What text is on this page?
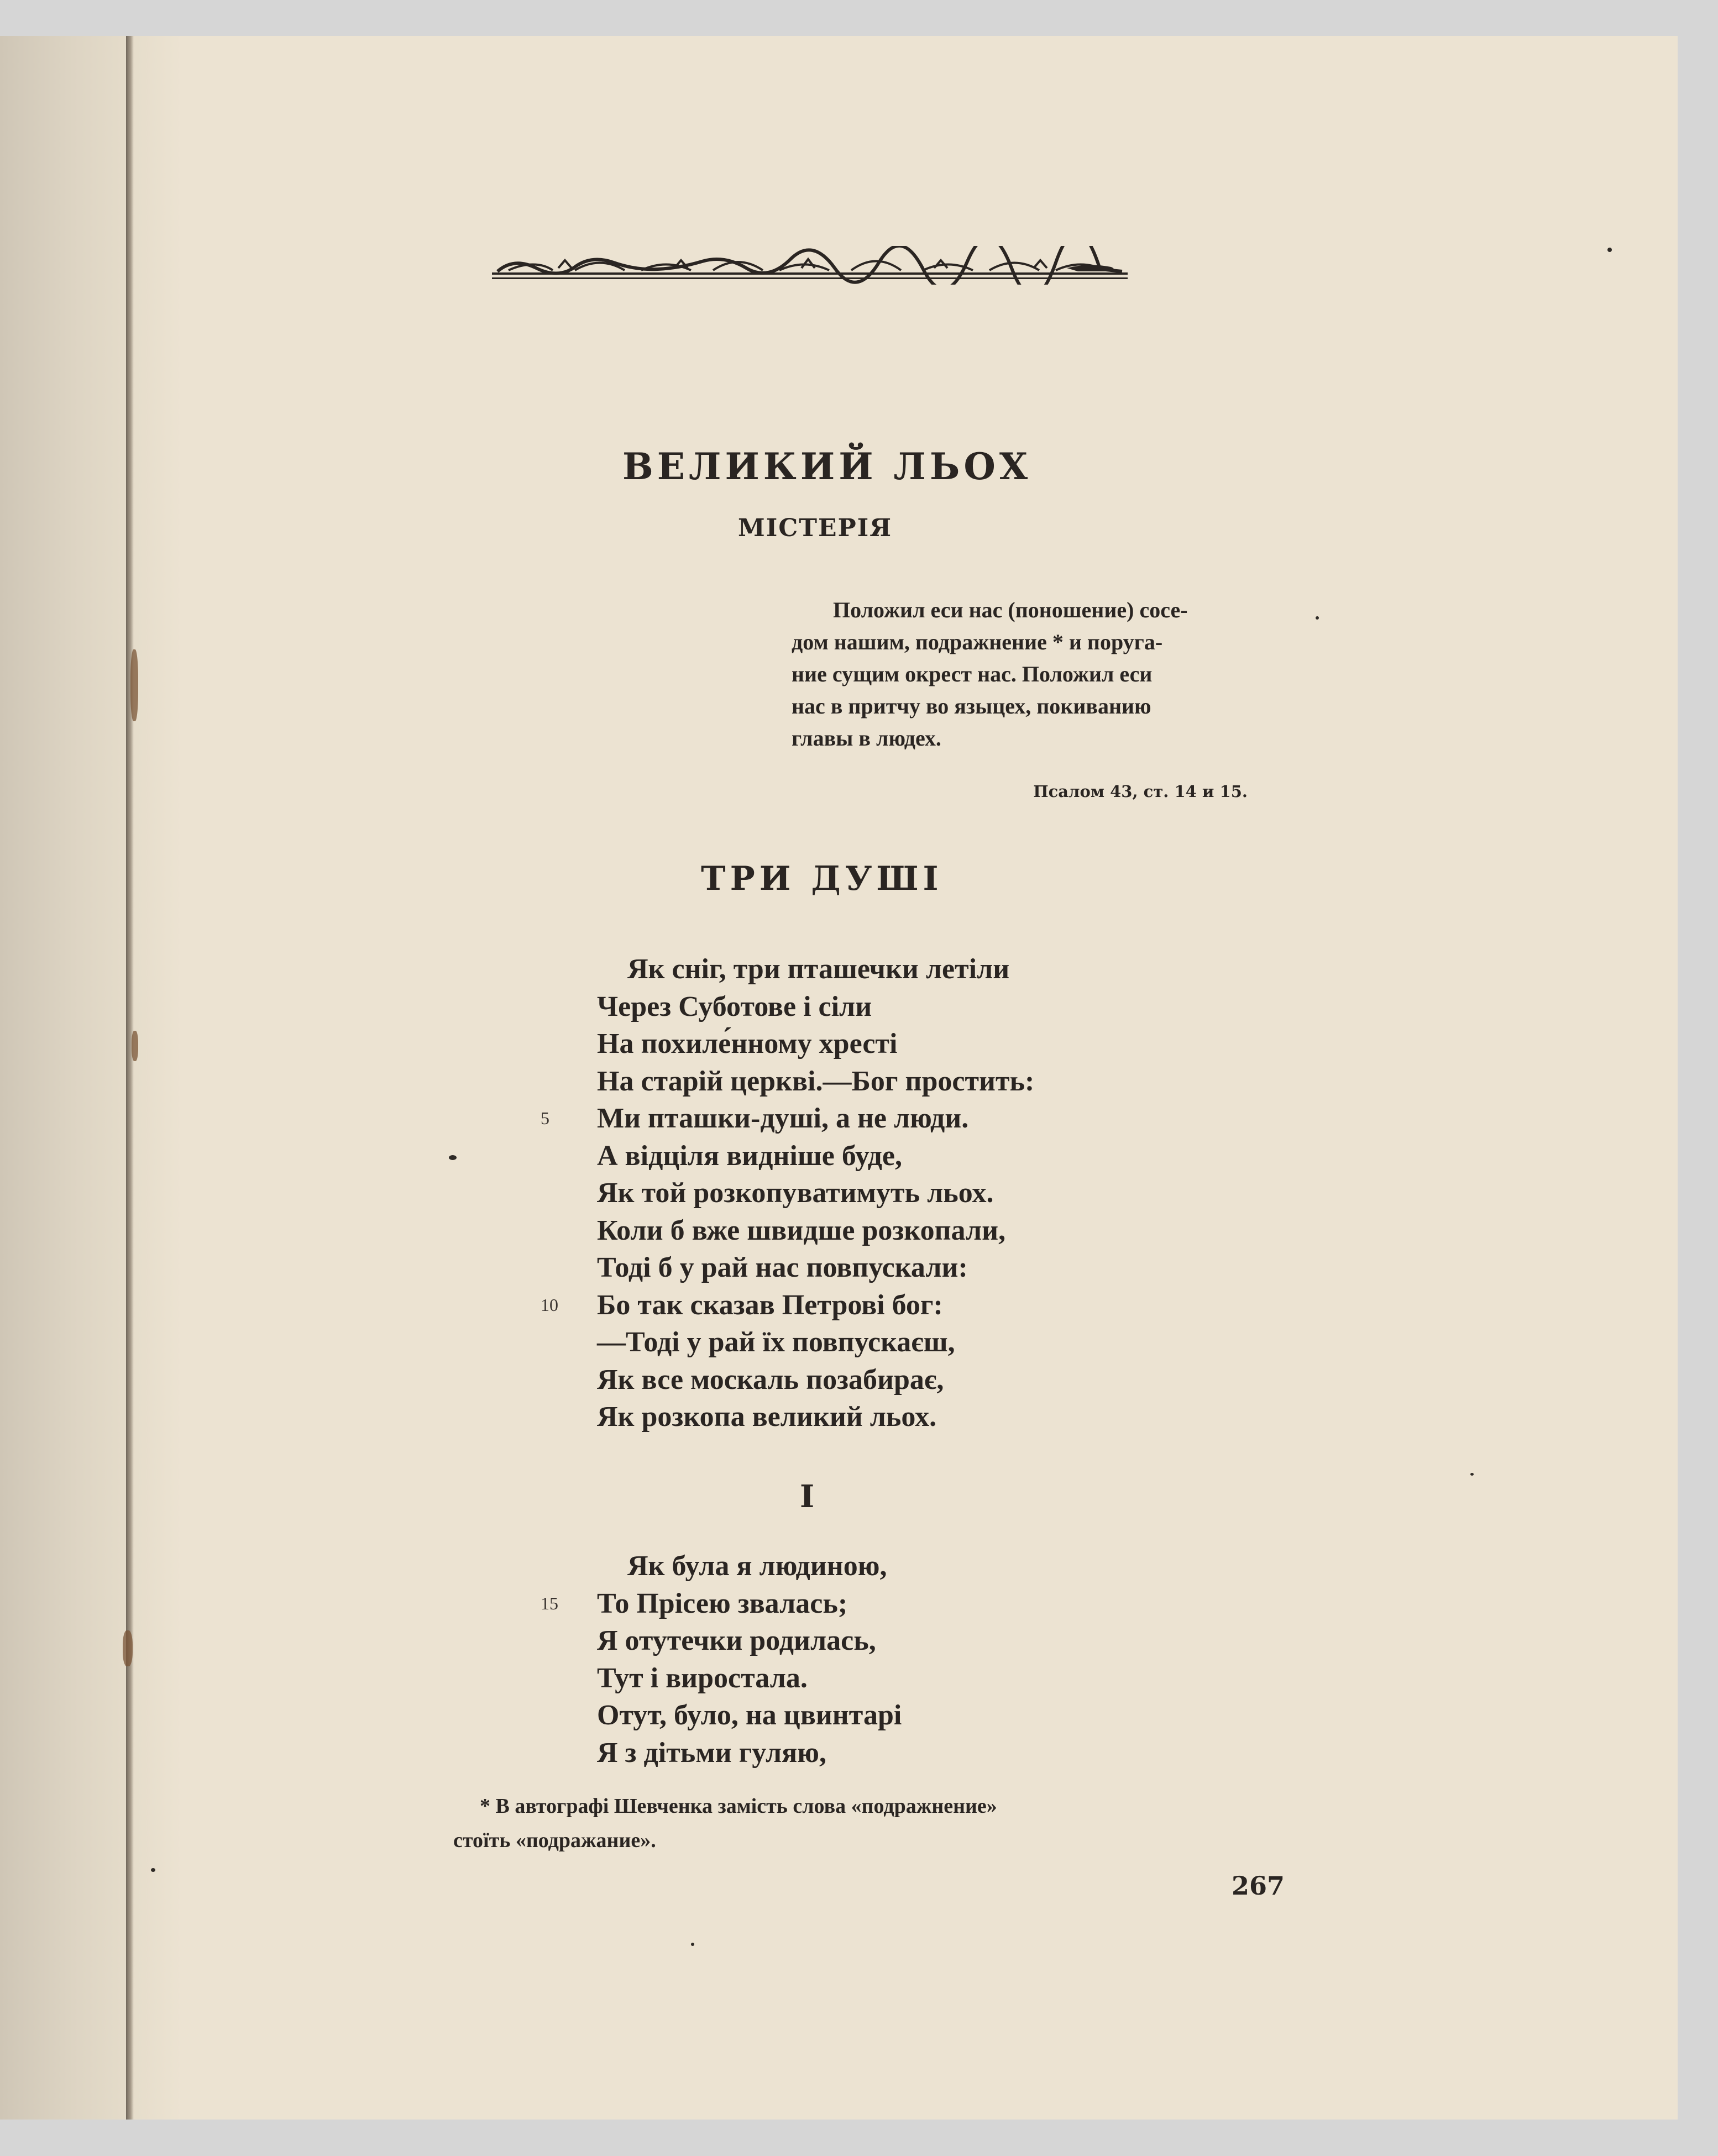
ВЕЛИКИЙ ЛЬОХ
МІСТЕРІЯ
Положил еси нас (поношение) сосе-
дом нашим, подражнение * и поруга-
ние сущим окрест нас. Положил еси
нас в притчу во языцех, покиванию
главы в людех.
Псалом 43, ст. 14 и 15.
ТРИ ДУШІ
Як сніг, три пташечки летіли
Через Суботове і сіли
На похиле́нному хресті
На старій церкві.—Бог простить:
5 Ми пташки-душі, а не люди.
А відціля видніше буде,
Як той розкопуватимуть льох.
Коли б вже швидше розкопали,
Тоді б у рай нас повпускали:
10 Бо так сказав Петрові бог:
—Тоді у рай їх повпускаєш,
Як все москаль позабирає,
Як розкопа великий льох.
I
Як була я людиною,
15 То Прісею звалась;
Я отутечки родилась,
Тут і виростала.
Отут, було, на цвинтарі
Я з дітьми гуляю,
* В автографі Шевченка замість слова «подражнение»
стоїть «подражание».
267
